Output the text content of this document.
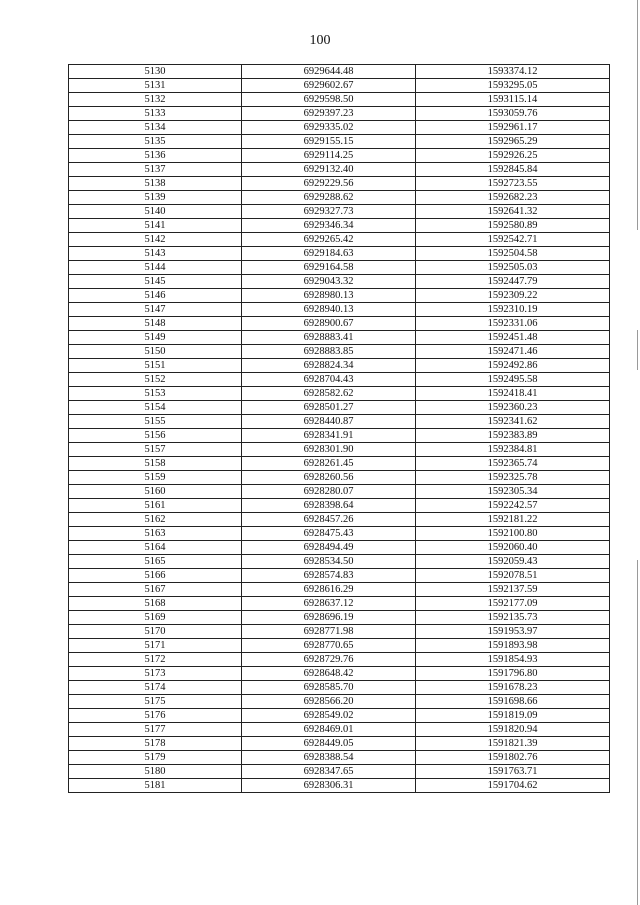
100
5130	6929644.48	1593374.12
5131	6929602.67	1593295.05
5132	6929598.50	1593115.14
5133	6929397.23	1593059.76
5134	6929335.02	1592961.17
5135	6929155.15	1592965.29
5136	6929114.25	1592926.25
5137	6929132.40	1592845.84
5138	6929229.56	1592723.55
5139	6929288.62	1592682.23
5140	6929327.73	1592641.32
5141	6929346.34	1592580.89
5142	6929265.42	1592542.71
5143	6929184.63	1592504.58
5144	6929164.58	1592505.03
5145	6929043.32	1592447.79
5146	6928980.13	1592309.22
5147	6928940.13	1592310.19
5148	6928900.67	1592331.06
5149	6928883.41	1592451.48
5150	6928883.85	1592471.46
5151	6928824.34	1592492.86
5152	6928704.43	1592495.58
5153	6928582.62	1592418.41
5154	6928501.27	1592360.23
5155	6928440.87	1592341.62
5156	6928341.91	1592383.89
5157	6928301.90	1592384.81
5158	6928261.45	1592365.74
5159	6928260.56	1592325.78
5160	6928280.07	1592305.34
5161	6928398.64	1592242.57
5162	6928457.26	1592181.22
5163	6928475.43	1592100.80
5164	6928494.49	1592060.40
5165	6928534.50	1592059.43
5166	6928574.83	1592078.51
5167	6928616.29	1592137.59
5168	6928637.12	1592177.09
5169	6928696.19	1592135.73
5170	6928771.98	1591953.97
5171	6928770.65	1591893.98
5172	6928729.76	1591854.93
5173	6928648.42	1591796.80
5174	6928585.70	1591678.23
5175	6928566.20	1591698.66
5176	6928549.02	1591819.09
5177	6928469.01	1591820.94
5178	6928449.05	1591821.39
5179	6928388.54	1591802.76
5180	6928347.65	1591763.71
5181	6928306.31	1591704.62
